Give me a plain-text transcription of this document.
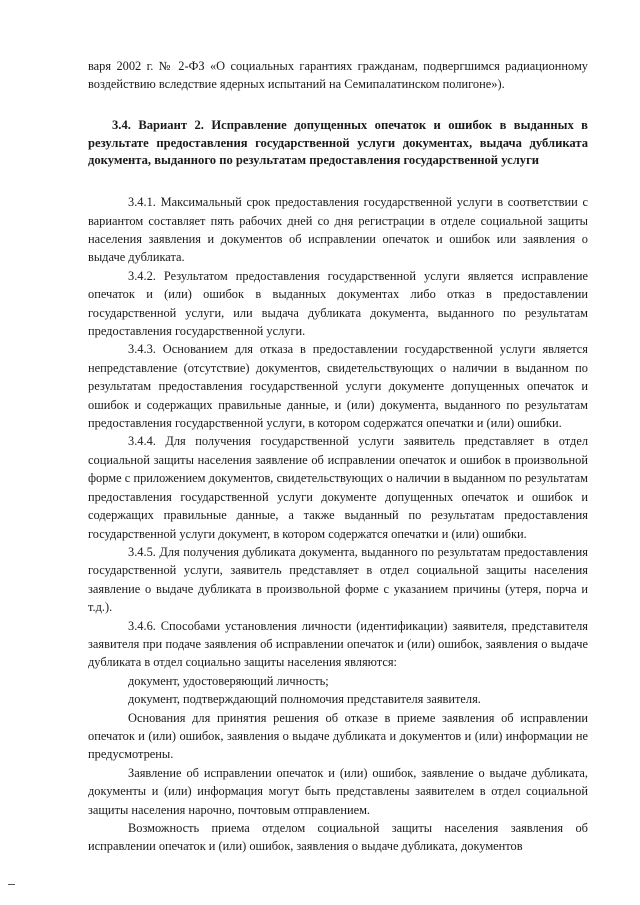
варя 2002 г. № 2-ФЗ «О социальных гарантиях гражданам, подвергшимся радиационному воздействию вследствие ядерных испытаний на Семипалатинском полигоне»).

3.4. Вариант 2. Исправление допущенных опечаток и ошибок в выданных в результате предоставления государственной услуги документах, выдача дубликата документа, выданного по результатам предоставления государственной услуги

3.4.1. Максимальный срок предоставления государственной услуги в соответствии с вариантом составляет пять рабочих дней со дня регистрации в отделе социальной защиты населения заявления и документов об исправлении опечаток и ошибок или заявления о выдаче дубликата.

3.4.2. Результатом предоставления государственной услуги является исправление опечаток и (или) ошибок в выданных документах либо отказ в предоставлении государственной услуги, или выдача дубликата документа, выданного по результатам предоставления государственной услуги.

3.4.3. Основанием для отказа в предоставлении государственной услуги является непредставление (отсутствие) документов, свидетельствующих о наличии в выданном по результатам предоставления государственной услуги документе допущенных опечаток и ошибок и содержащих правильные данные, и (или) документа, выданного по результатам предоставления государственной услуги, в котором содержатся опечатки и (или) ошибки.

3.4.4. Для получения государственной услуги заявитель представляет в отдел социальной защиты населения заявление об исправлении опечаток и ошибок в произвольной форме с приложением документов, свидетельствующих о наличии в выданном по результатам предоставления государственной услуги документе допущенных опечаток и ошибок и содержащих правильные данные, а также выданный по результатам предоставления государственной услуги документ, в котором содержатся опечатки и (или) ошибки.

3.4.5. Для получения дубликата документа, выданного по результатам предоставления государственной услуги, заявитель представляет в отдел социальной защиты населения заявление о выдаче дубликата в произвольной форме с указанием причины (утеря, порча и т.д.).

3.4.6. Способами установления личности (идентификации) заявителя, представителя заявителя при подаче заявления об исправлении опечаток и (или) ошибок, заявления о выдаче дубликата в отдел социально защиты населения являются:

документ, удостоверяющий личность;

документ, подтверждающий полномочия представителя заявителя.

Основания для принятия решения об отказе в приеме заявления об исправлении опечаток и (или) ошибок, заявления о выдаче дубликата и документов и (или) информации не предусмотрены.

Заявление об исправлении опечаток и (или) ошибок, заявление о выдаче дубликата, документы и (или) информация могут быть представлены заявителем в отдел социальной защиты населения нарочно, почтовым отправлением.

Возможность приема отделом социальной защиты населения заявления об исправлении опечаток и (или) ошибок, заявления о выдаче дубликата, документов
